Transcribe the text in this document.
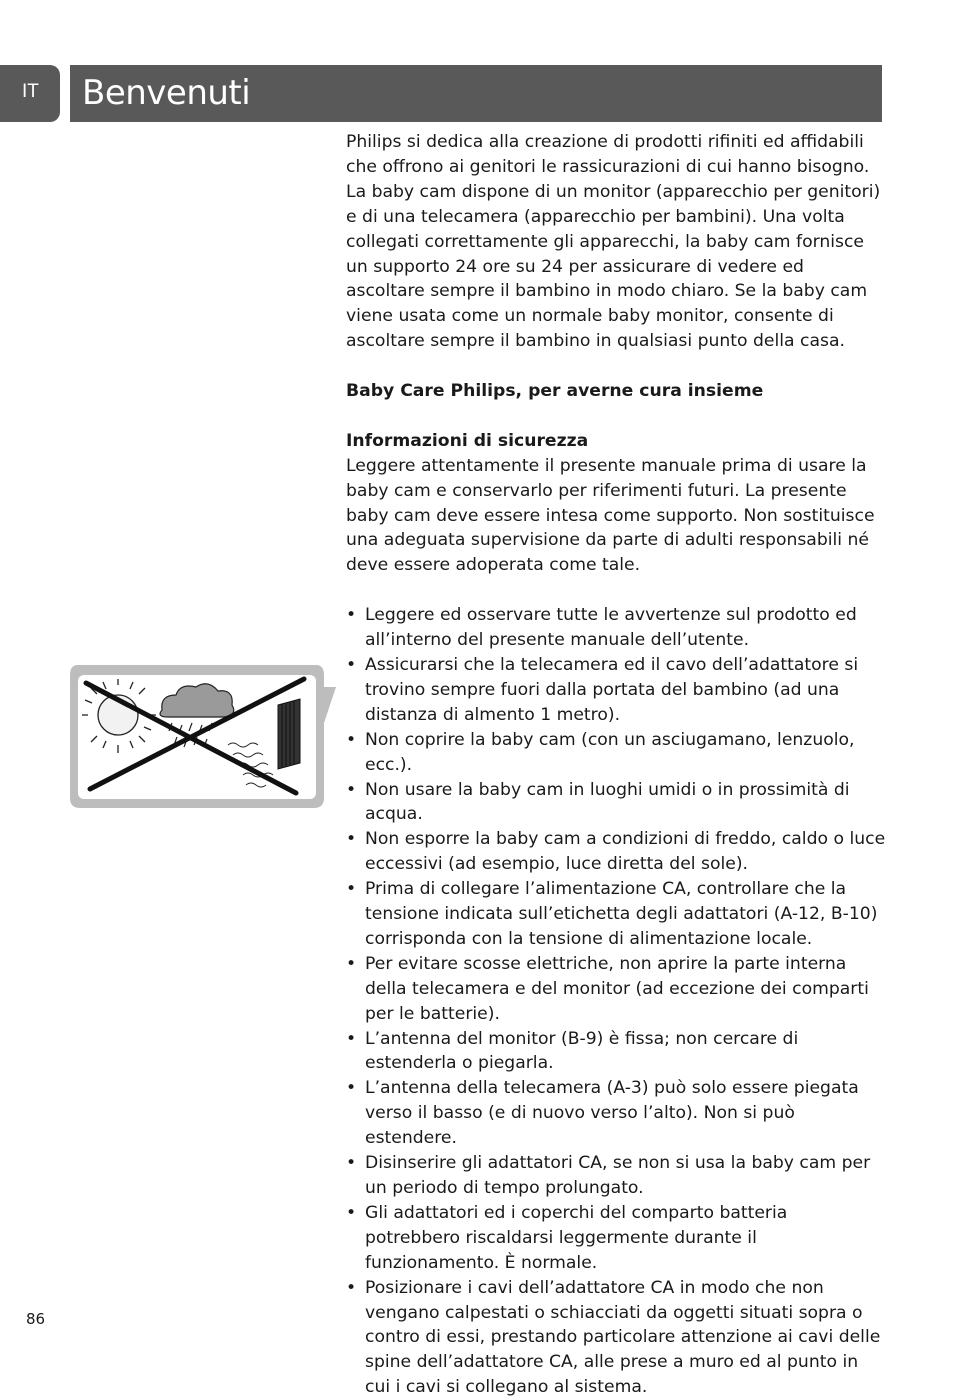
IT	Benvenuti

Philips si dedica alla creazione di prodotti rifiniti ed affidabili che offrono ai genitori le rassicurazioni di cui hanno bisogno.

La baby cam dispone di un monitor (apparecchio per genitori) e di una telecamera (apparecchio per bambini). Una volta collegati correttamente gli apparecchi, la baby cam fornisce un supporto 24 ore su 24 per assicurare di vedere ed ascoltare sempre il bambino in modo chiaro. Se la baby cam viene usata come un normale baby monitor, consente di ascoltare sempre il bambino in qualsiasi punto della casa.

Baby Care Philips, per averne cura insieme

Informazioni di sicurezza

Leggere attentamente il presente manuale prima di usare la baby cam e conservarlo per riferimenti futuri. La presente baby cam deve essere intesa come supporto. Non sostituisce una adeguata supervisione da parte di adulti responsabili né deve essere adoperata come tale.

• Leggere ed osservare tutte le avvertenze sul prodotto ed all’interno del presente manuale dell’utente.
• Assicurarsi che la telecamera ed il cavo dell’adattatore si trovino sempre fuori dalla portata del bambino (ad una distanza di almento 1 metro).
• Non coprire la baby cam (con un asciugamano, lenzuolo, ecc.).
• Non usare la baby cam in luoghi umidi o in prossimità di acqua.
• Non esporre la baby cam a condizioni di freddo, caldo o luce eccessivi (ad esempio, luce diretta del sole).
• Prima di collegare l’alimentazione CA, controllare che la tensione indicata sull’etichetta degli adattatori (A-12, B-10) corrisponda con la tensione di alimentazione locale.
• Per evitare scosse elettriche, non aprire la parte interna della telecamera e del monitor (ad eccezione dei comparti per le batterie).
• L’antenna del monitor (B-9) è fissa; non cercare di estenderla o piegarla.
• L’antenna della telecamera (A-3) può solo essere piegata verso il basso (e di nuovo verso l’alto). Non si può estendere.
• Disinserire gli adattatori CA, se non si usa la baby cam per un periodo di tempo prolungato.
• Gli adattatori ed i coperchi del comparto batteria potrebbero riscaldarsi leggermente durante il funzionamento. È normale.
• Posizionare i cavi dell’adattatore CA in modo che non vengano calpestati o schiacciati da oggetti situati sopra o contro di essi, prestando particolare attenzione ai cavi delle spine dell’adattatore CA, alle prese a muro ed al punto in cui i cavi si collegano al sistema.
86
